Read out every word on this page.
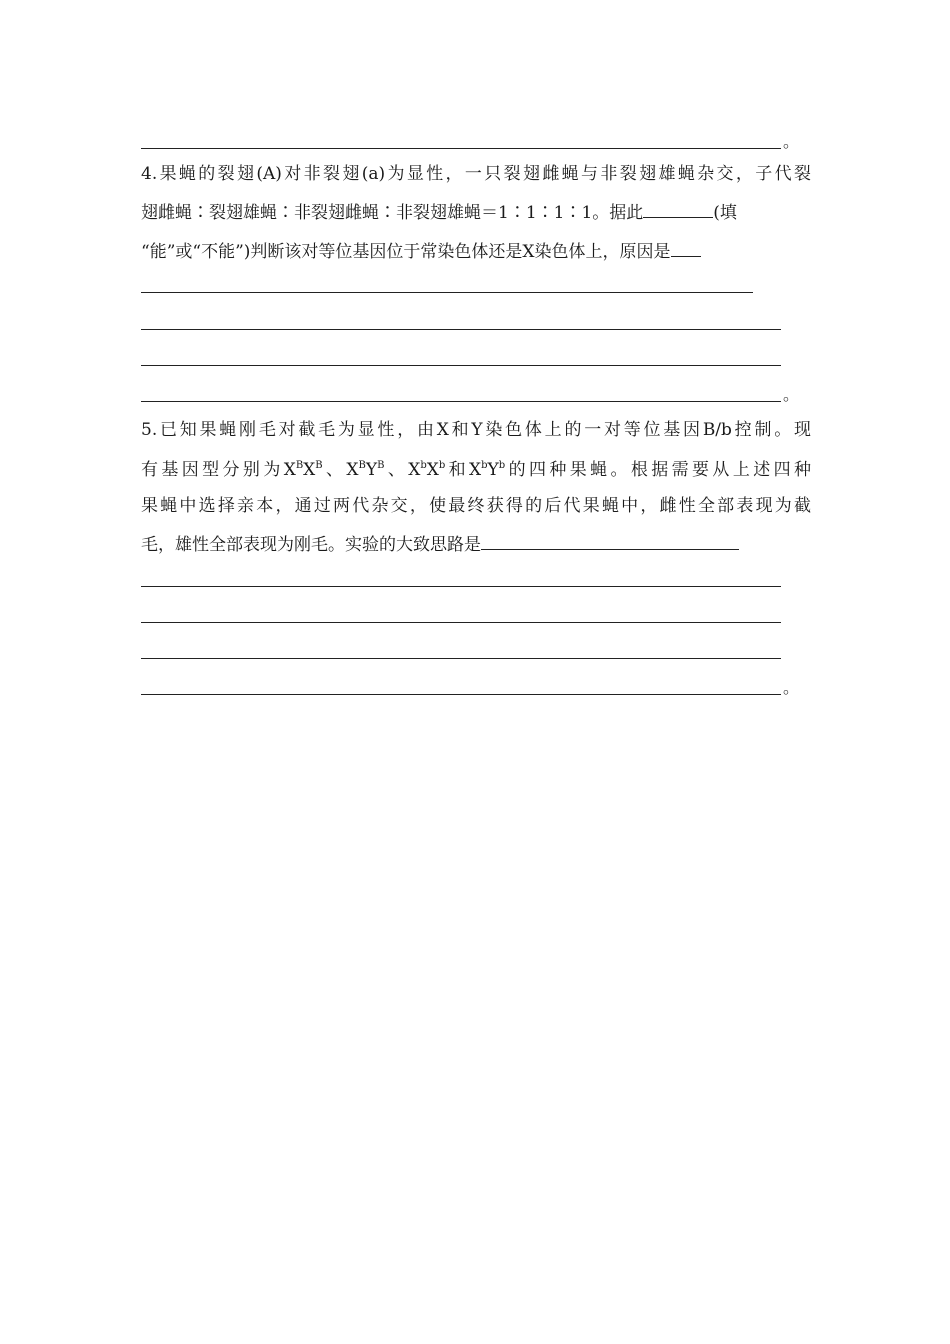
。
4.果蝇的裂翅(A)对非裂翅(a)为显性，一只裂翅雌蝇与非裂翅雄蝇杂交，子代裂
翅雌蝇∶裂翅雄蝇∶非裂翅雌蝇∶非裂翅雄蝇＝1∶1∶1∶1。据此	(填
“能”或“不能”)判断该对等位基因位于常染色体还是X染色体上，原因是
。
5.已知果蝇刚毛对截毛为显性，由X和Y染色体上的一对等位基因B/b控制。现
有基因型分别为$X^BX^B$、$X^BY^B$、$X^bX^b$和$X^bY^b$的四种果蝇。根据需要从上述四种
果蝇中选择亲本，通过两代杂交，使最终获得的后代果蝇中，雌性全部表现为截
毛，雄性全部表现为刚毛。实验的大致思路是
。
